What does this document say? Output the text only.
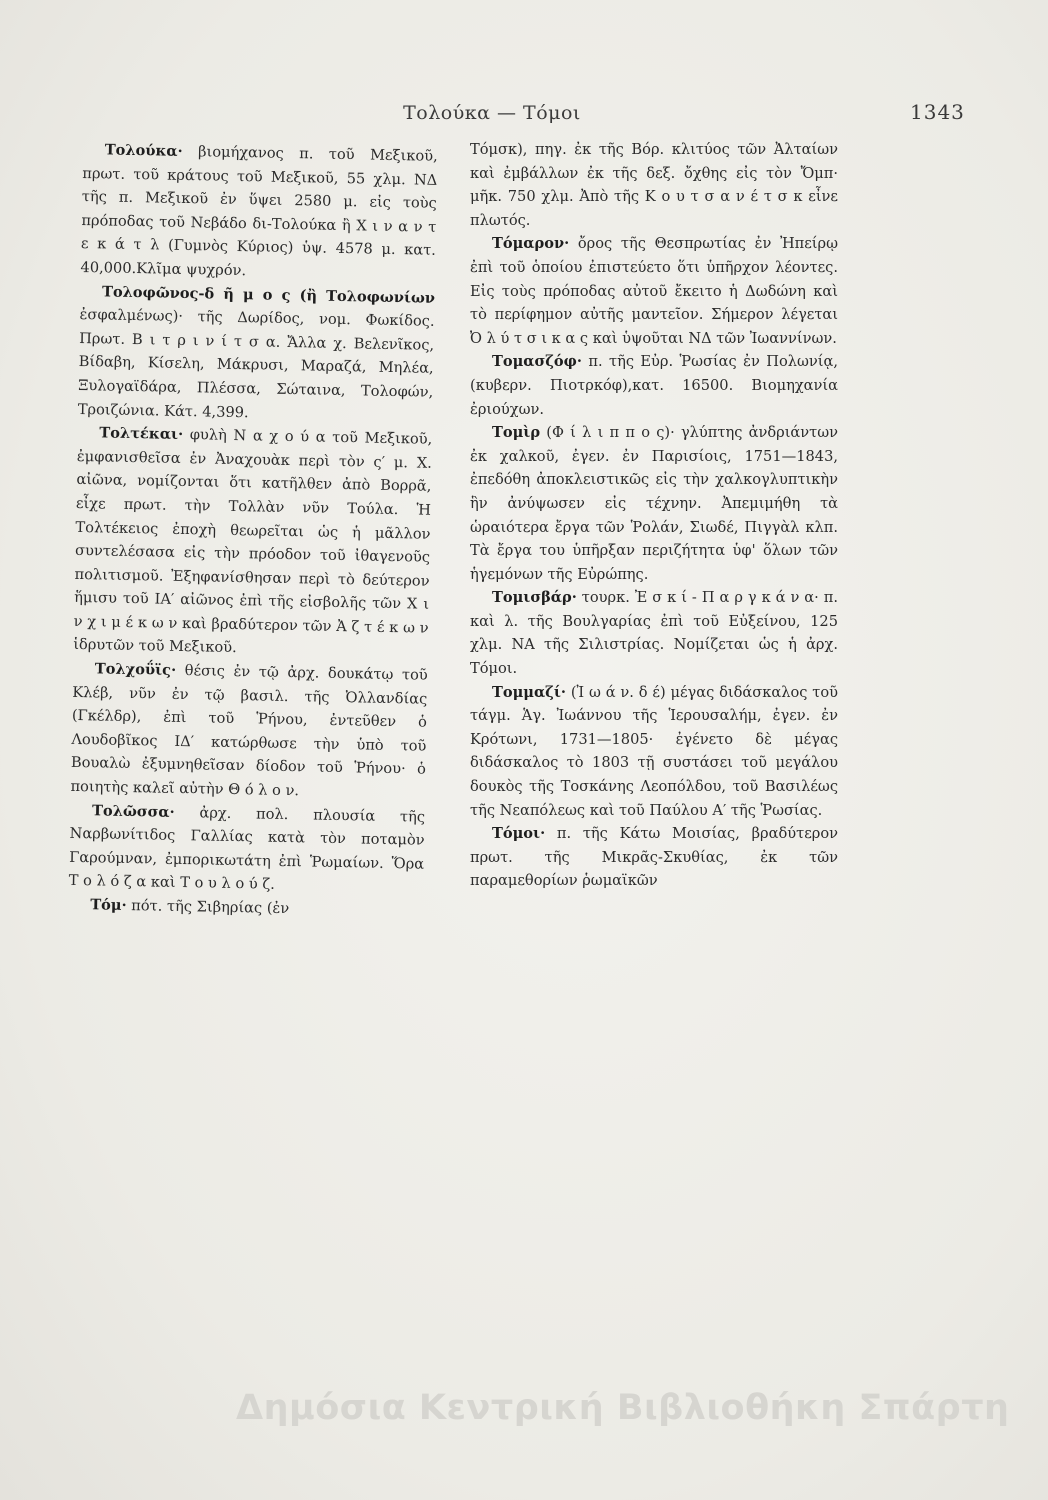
Τολούκα — Τόμοι	1343

Τολούκα· βιομήχανος π. τοῦ Μεξικοῦ, πρωτ. τοῦ κράτους τοῦ Μεξικοῦ, 55 χλμ. ΝΔ τῆς π. Μεξικοῦ ἐν ὕψει 2580 μ. εἰς τοὺς πρόποδας τοῦ Νεβάδο δι-Τολούκα ἢ Χ ι ν α ν τ ε κ ά τ λ (Γυμνὸς Κύριος) ὑψ. 4578 μ. κατ. 40,000.Κλῖμα ψυχρόν.

Τολοφῶνος-δ ῆ μ ο ς (ἢ Τολοφωνίων ἐσφαλμένως)· τῆς Δωρίδος, νομ. Φωκίδος. Πρωτ. Β ι τ ρ ι ν ί τ σ α. Ἄλλα χ. Βελενῖκος, Βίδαβη, Κίσελη, Μάκρυσι, Μαραζά, Μηλέα, Ξυλογαϊδάρα, Πλέσσα, Σώταινα, Τολοφών, Τροιζώνια. Κάτ. 4,399.

Τολτέκαι· φυλὴ Ν α χ ο ύ α τοῦ Μεξικοῦ, ἐμφανισθεῖσα ἐν Ἀναχουὰκ περὶ τὸν ς′ μ. Χ. αἰῶνα, νομίζονται ὅτι κατῆλθεν ἀπὸ Βορρᾶ, εἶχε πρωτ. τὴν Τολλὰν νῦν Τούλα. Ἡ Τολτέκειος ἐποχὴ θεωρεῖται ὡς ἡ μᾶλλον συντελέσασα εἰς τὴν πρόοδον τοῦ ἰθαγενοῦς πολιτισμοῦ. Ἐξηφανίσθησαν περὶ τὸ δεύτερον ἥμισυ τοῦ ΙΑ′ αἰῶνος ἐπὶ τῆς εἰσβολῆς τῶν Χ ι ν χ ι μ έ κ ω ν καὶ βραδύτερον τῶν Ἀ ζ τ έ κ ω ν ἱδρυτῶν τοῦ Μεξικοῦ.

Τολχοΰϊς· θέσις ἐν τῷ ἀρχ. δουκάτῳ τοῦ Κλέβ, νῦν ἐν τῷ βασιλ. τῆς Ὀλλανδίας (Γκέλδρ), ἐπὶ τοῦ Ῥήνου, ἐντεῦθεν ὁ Λουδοβῖκος ΙΔ′ κατώρθωσε τὴν ὑπὸ τοῦ Βουαλὼ ἐξυμνηθεῖσαν δίοδον τοῦ Ῥήνου· ὁ ποιητὴς καλεῖ αὐτὴν Θ ό λ ο ν.

Τολῶσσα· ἀρχ. πολ. πλουσία τῆς Ναρβωνίτιδος Γαλλίας κατὰ τὸν ποταμὸν Γαρούμναν, ἐμπορικωτάτη ἐπὶ Ῥωμαίων. Ὅρα Τ ο λ ό ζ α καὶ Τ ο υ λ ο ύ ζ.

Τόμ· πότ. τῆς Σιβηρίας (ἐν

Τόμσκ), πηγ. ἐκ τῆς Βόρ. κλιτύος τῶν Ἀλταίων καὶ ἐμβάλλων ἐκ τῆς δεξ. ὄχθης εἰς τὸν Ὄμπ· μῆκ. 750 χλμ. Ἀπὸ τῆς Κ ο υ τ σ α ν έ τ σ κ εἶνε πλωτός.

Τόμαρον· ὄρος τῆς Θεσπρωτίας ἐν Ἠπείρῳ ἐπὶ τοῦ ὁποίου ἐπιστεύετο ὅτι ὑπῆρχον λέοντες. Εἰς τοὺς πρόποδας αὐτοῦ ἔκειτο ἡ Δωδώνη καὶ τὸ περίφημον αὐτῆς μαντεῖον. Σήμερον λέγεται Ὀ λ ύ τ σ ι κ α ς καὶ ὑψοῦται ΝΔ τῶν Ἰωαννίνων.

Τομασζόφ· π. τῆς Εὐρ. Ῥωσίας ἐν Πολωνίᾳ, (κυβερν. Πιοτρκόφ),κατ. 16500. Βιομηχανία ἐριούχων.

Τομὶρ (Φ ί λ ι π π ο ς)· γλύπτης ἀνδριάντων ἐκ χαλκοῦ, ἐγεν. ἐν Παρισίοις, 1751—1843, ἐπεδόθη ἀποκλειστικῶς εἰς τὴν χαλκογλυπτικὴν ἣν ἀνύψωσεν εἰς τέχνην. Ἀπεμιμήθη τὰ ὡραιότερα ἔργα τῶν Ῥολάν, Σιωδέ, Πιγγὰλ κλπ. Τὰ ἔργα του ὑπῆρξαν περιζήτητα ὑφ' ὅλων τῶν ἡγεμόνων τῆς Εὐρώπης.

Τομισβάρ· τουρκ. Ἐ σ κ ί - Π α ρ γ κ ά ν α· π. καὶ λ. τῆς Βουλγαρίας ἐπὶ τοῦ Εὐξείνου, 125 χλμ. ΝΑ τῆς Σιλιστρίας. Νομίζεται ὡς ἡ ἀρχ. Τόμοι.

Τομμαζί· (Ἰ ω ά ν. δ έ) μέγας διδάσκαλος τοῦ τάγμ. Ἁγ. Ἰωάννου τῆς Ἱερουσαλήμ, ἐγεν. ἐν Κρότωνι, 1731—1805· ἐγένετο δὲ μέγας διδάσκαλος τὸ 1803 τῇ συστάσει τοῦ μεγάλου δουκὸς τῆς Τοσκάνης Λεοπόλδου, τοῦ Βασιλέως τῆς Νεαπόλεως καὶ τοῦ Παύλου Α′ τῆς Ῥωσίας.

Τόμοι· π. τῆς Κάτω Μοισίας, βραδύτερον πρωτ. τῆς Μικρᾶς-Σκυθίας, ἐκ τῶν παραμεθορίων ῥωμαϊκῶν

Δημόσια Κεντρική Βιβλιοθήκη Σπάρτη
